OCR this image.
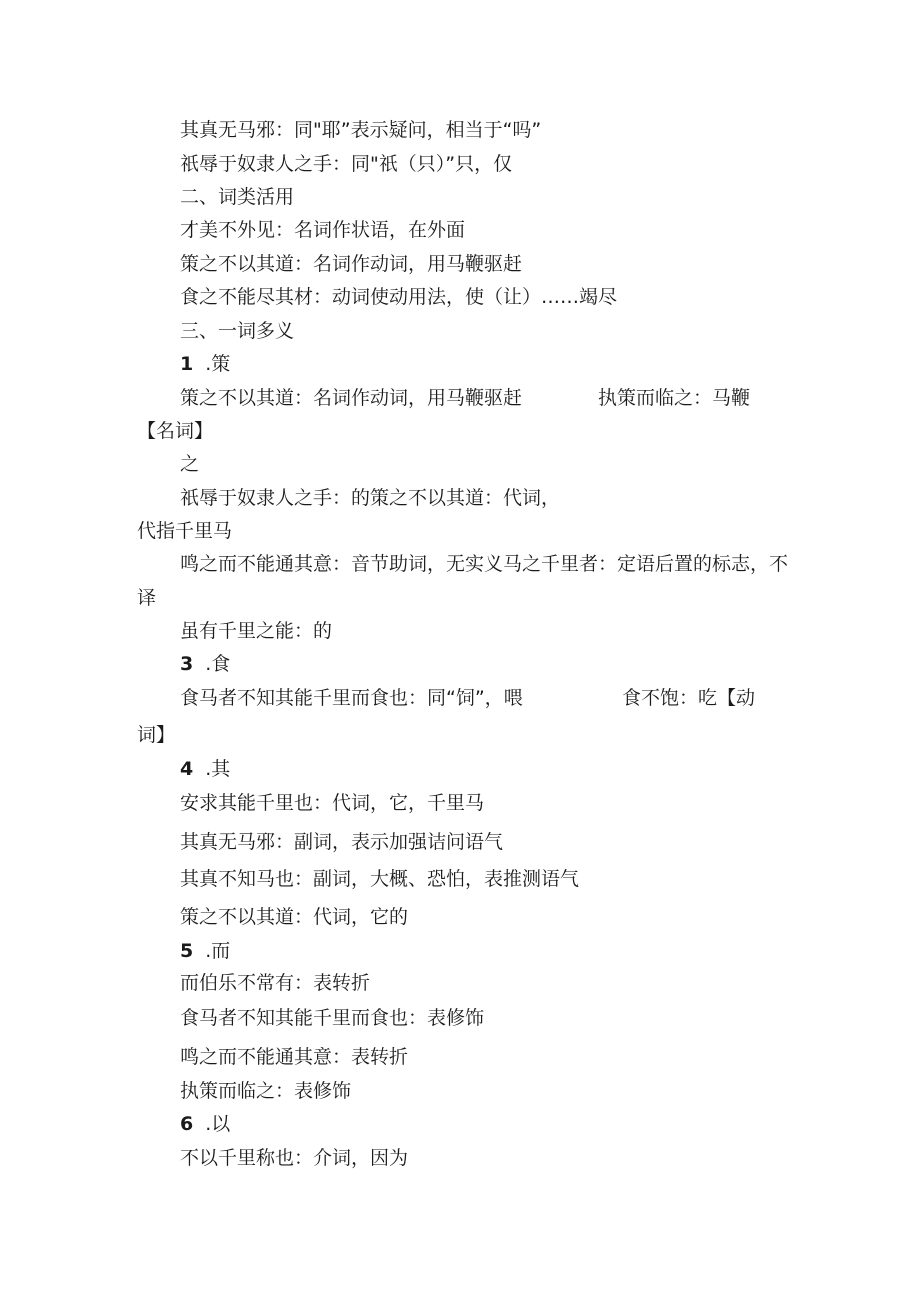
其真无马邪：同"耶”表示疑问，相当于“吗”
祇辱于奴隶人之手：同"祇（只）”只，仅
二、词类活用
才美不外见：名词作状语，在外面
策之不以其道：名词作动词，用马鞭驱赶
食之不能尽其材：动词使动用法，使（让）……竭尽
三、一词多义
1 .策
策之不以其道：名词作动词，用马鞭驱赶	执策而临之：马鞭
【名词】
之
祇辱于奴隶人之手：的策之不以其道：代词，
代指千里马
鸣之而不能通其意：音节助词，无实义马之千里者：定语后置的标志，不
译
虽有千里之能：的
3 .食
食马者不知其能千里而食也：同“饲”，喂	食不饱：吃【动
词】
4 .其
安求其能千里也：代词，它，千里马
其真无马邪：副词，表示加强诘问语气
其真不知马也：副词，大概、恐怕，表推测语气
策之不以其道：代词，它的
5 .而
而伯乐不常有：表转折
食马者不知其能千里而食也：表修饰
鸣之而不能通其意：表转折
执策而临之：表修饰
6 .以
不以千里称也：介词，因为
